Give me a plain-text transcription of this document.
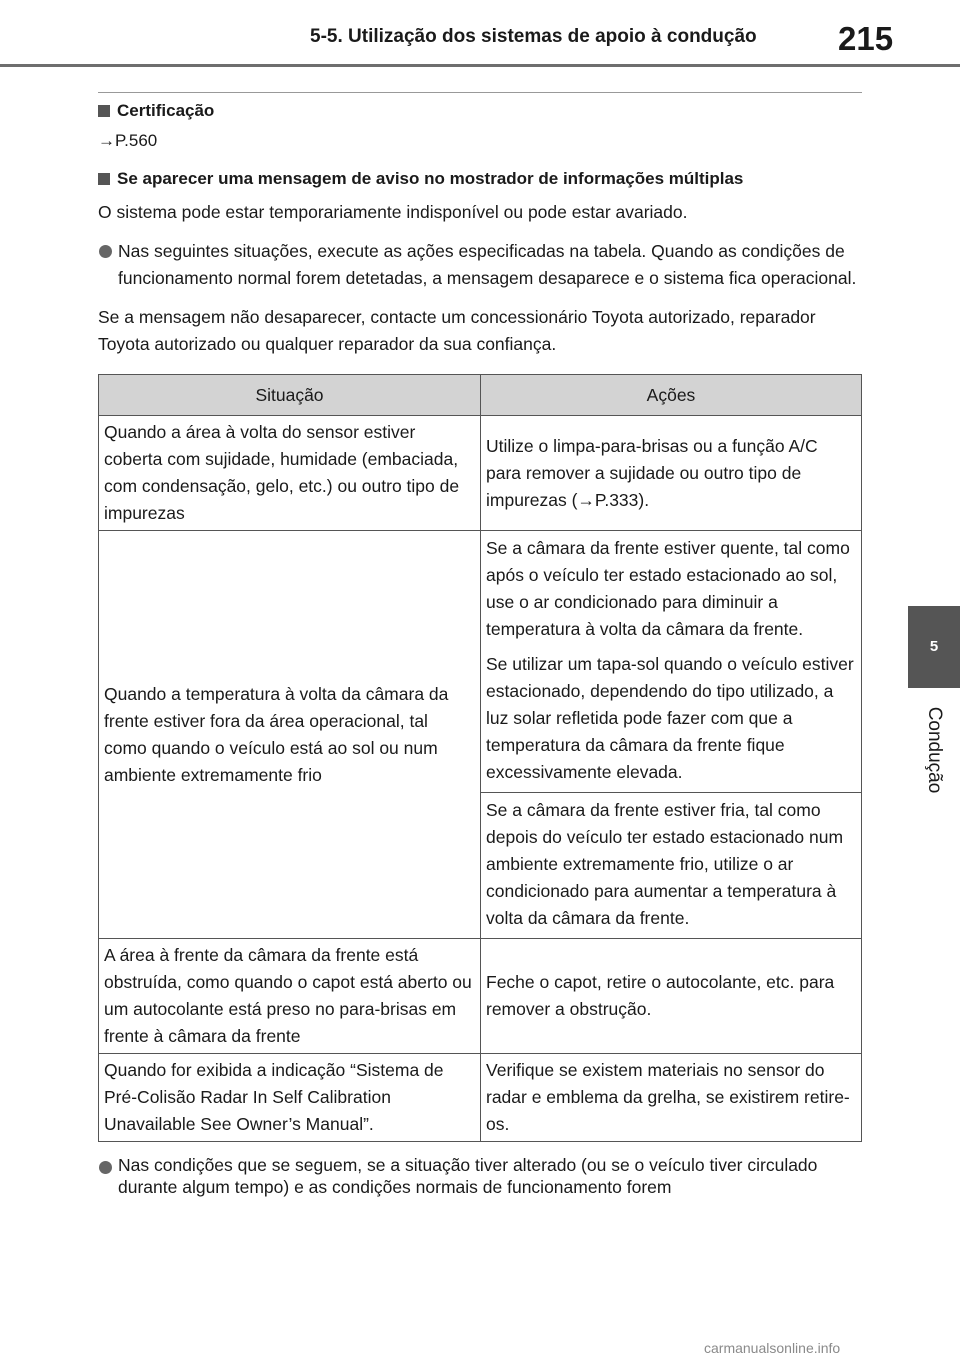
5-5. Utilização dos sistemas de apoio à condução 215
5
Condução
Certificação
→P.560
Se aparecer uma mensagem de aviso no mostrador de informações múltiplas

O sistema pode estar temporariamente indisponível ou pode estar avariado.

Nas seguintes situações, execute as ações especificadas na tabela. Quando as condições de funcionamento normal forem detetadas, a mensagem desaparece e o sistema fica operacional.

Se a mensagem não desaparecer, contacte um concessionário Toyota autorizado, reparador Toyota autorizado ou qualquer reparador da sua confiança.

Situação	Ações
Quando a área à volta do sensor estiver coberta com sujidade, humidade (embaciada, com condensação, gelo, etc.) ou outro tipo de impurezas	Utilize o limpa-para-brisas ou a função A/C para remover a sujidade ou outro tipo de impurezas (→P.333).
Quando a temperatura à volta da câmara da frente estiver fora da área operacional, tal como quando o veículo está ao sol ou num ambiente extremamente frio	Se a câmara da frente estiver quente, tal como após o veículo ter estado estacionado ao sol, use o ar condicionado para diminuir a temperatura à volta da câmara da frente.

Se utilizar um tapa-sol quando o veículo estiver estacionado, dependendo do tipo utilizado, a luz solar refletida pode fazer com que a temperatura da câmara da frente fique excessivamente elevada.

Se a câmara da frente estiver fria, tal como depois do veículo ter estado estacionado num ambiente extremamente frio, utilize o ar condicionado para aumentar a temperatura à volta da câmara da frente.

A área à frente da câmara da frente está obstruída, como quando o capot está aberto ou um autocolante está preso no para-brisas em frente à câmara da frente	Feche o capot, retire o autocolante, etc. para remover a obstrução.
Quando for exibida a indicação “Sistema de Pré-Colisão Radar In Self Calibration Unavailable See Owner’s Manual”.	Verifique se existem materiais no sensor do radar e emblema da grelha, se existirem retire-os.
Nas condições que se seguem, se a situação tiver alterado (ou se o veículo tiver circulado durante algum tempo) e as condições normais de funcionamento forem
carmanualsonline.info
